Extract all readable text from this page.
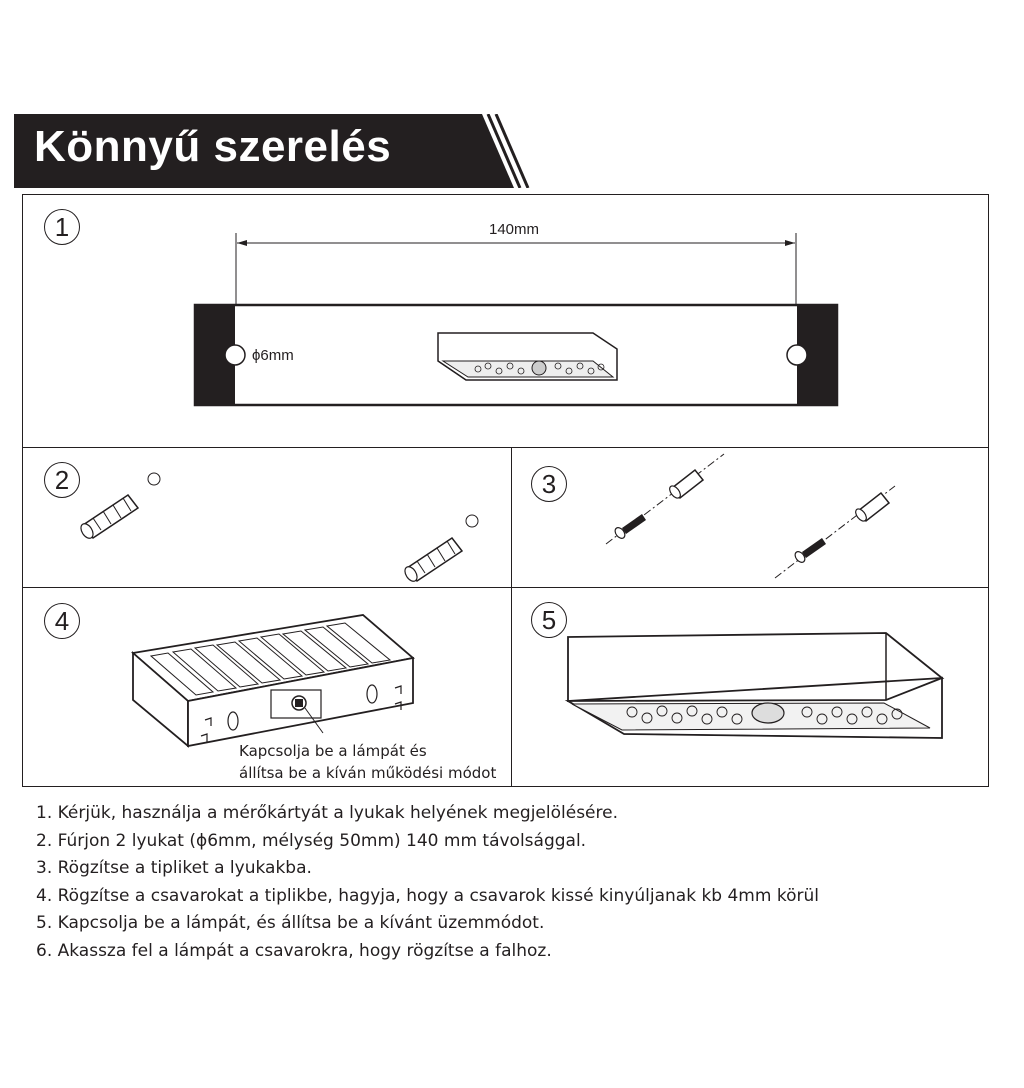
Könnyű szerelés
1	140mm
ϕ6mm
2	3
4
Kapcsolja be a lámpát és
állítsa be a kíván működési módot
5
1. Kérjük, használja a mérőkártyát a lyukak helyének megjelölésére.
2. Fúrjon 2 lyukat (ϕ6mm, mélység 50mm) 140 mm távolsággal.
3. Rögzítse a tipliket a lyukakba.
4. Rögzítse a csavarokat a tiplikbe, hagyja, hogy a csavarok kissé kinyúljanak kb 4mm körül
5. Kapcsolja be a lámpát, és állítsa be a kívánt üzemmódot.
6. Akassza fel a lámpát a csavarokra, hogy rögzítse a falhoz.
